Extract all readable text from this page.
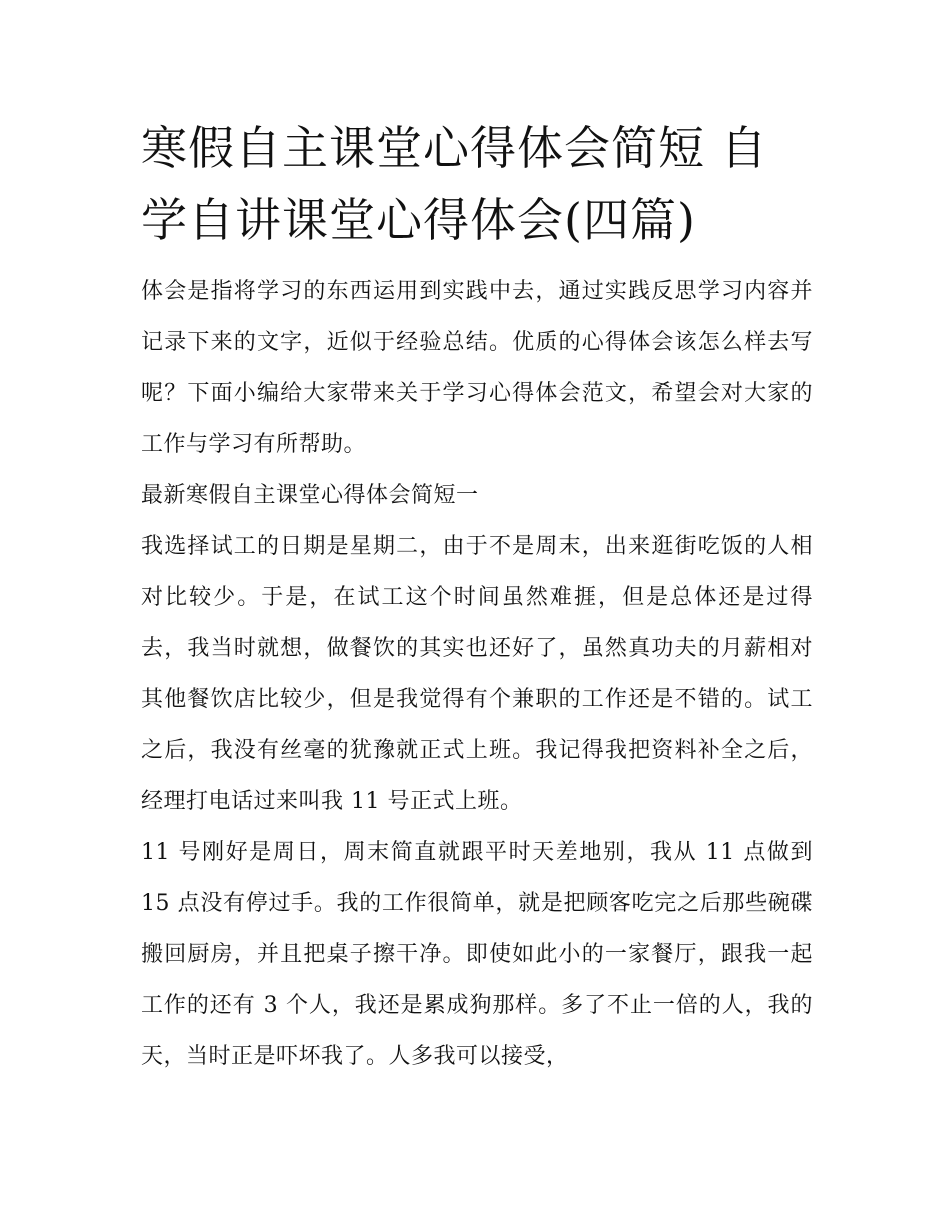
寒假自主课堂心得体会简短 自学自讲课堂心得体会(四篇)

体会是指将学习的东西运用到实践中去，通过实践反思学习内容并记录下来的文字，近似于经验总结。优质的心得体会该怎么样去写呢？下面小编给大家带来关于学习心得体会范文，希望会对大家的工作与学习有所帮助。

最新寒假自主课堂心得体会简短一

我选择试工的日期是星期二，由于不是周末，出来逛街吃饭的人相对比较少。于是，在试工这个时间虽然难捱，但是总体还是过得去，我当时就想，做餐饮的其实也还好了，虽然真功夫的月薪相对其他餐饮店比较少，但是我觉得有个兼职的工作还是不错的。试工之后，我没有丝毫的犹豫就正式上班。我记得我把资料补全之后，经理打电话过来叫我 11 号正式上班。

11 号刚好是周日，周末简直就跟平时天差地别，我从 11 点做到 15 点没有停过手。我的工作很简单，就是把顾客吃完之后那些碗碟搬回厨房，并且把桌子擦干净。即使如此小的一家餐厅，跟我一起工作的还有 3 个人，我还是累成狗那样。多了不止一倍的人，我的天，当时正是吓坏我了。人多我可以接受，
